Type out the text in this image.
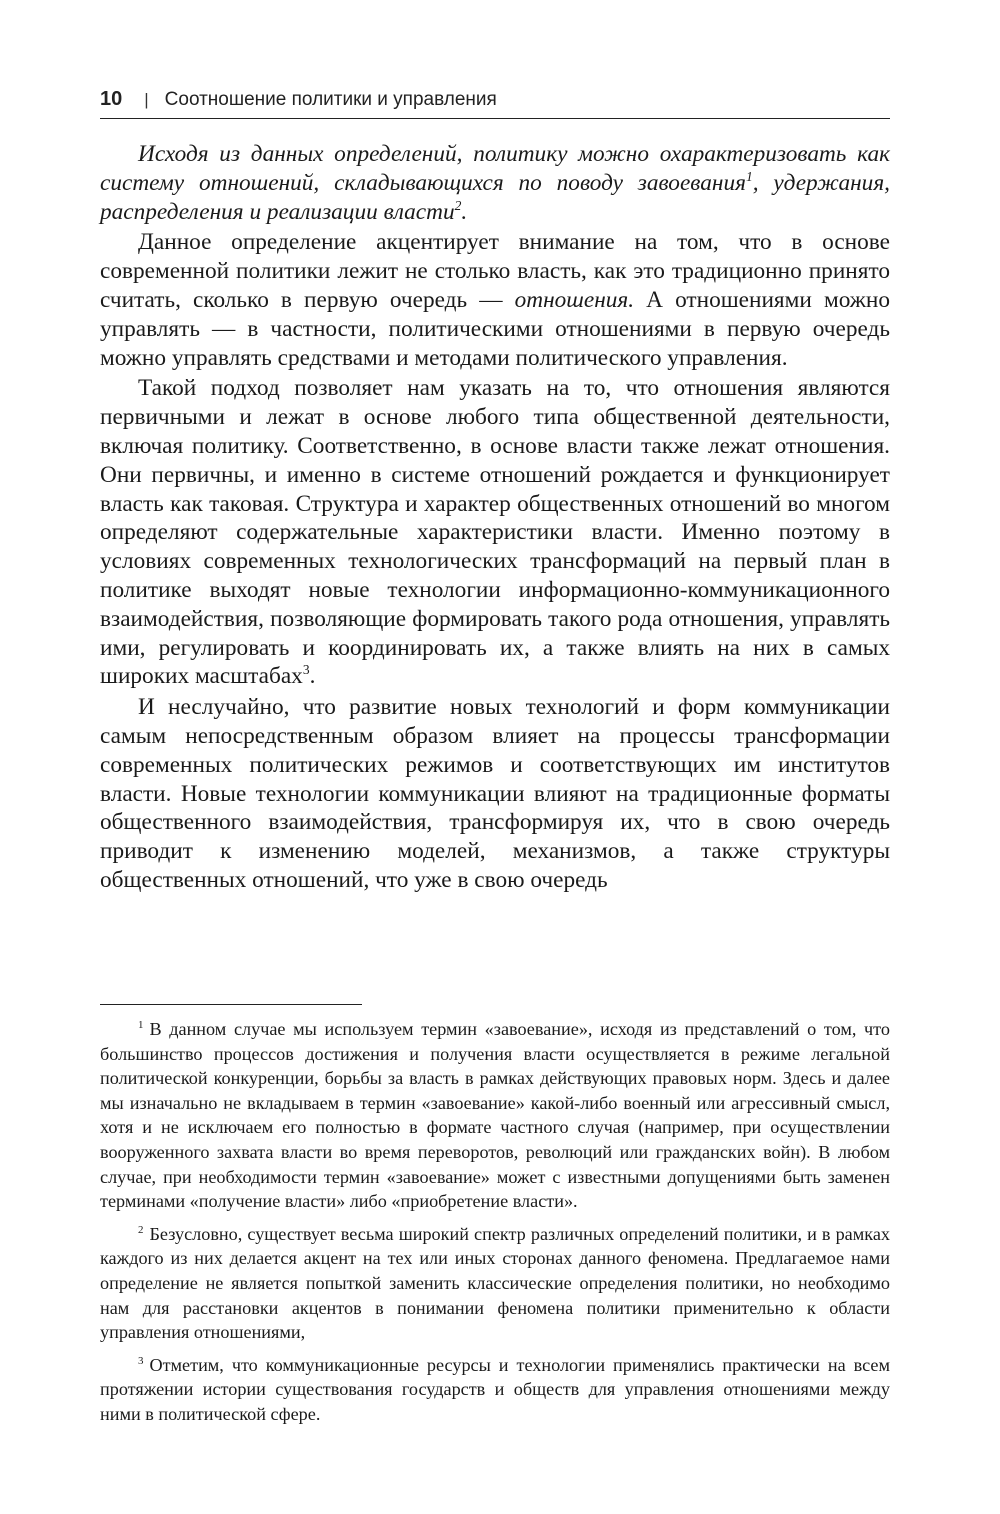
10 | Соотношение политики и управления

Исходя из данных определений, политику можно охарактеризовать как систему отношений, складывающихся по поводу завоевания$^1$, удержания, распределения и реализации власти$^2$.

Данное определение акцентирует внимание на том, что в основе современной политики лежит не столько власть, как это традиционно принято считать, сколько в первую очередь — отношения. А отношениями можно управлять — в частности, политическими отношениями в первую очередь можно управлять средствами и методами политического управления.

Такой подход позволяет нам указать на то, что отношения являются первичными и лежат в основе любого типа общественной деятельности, включая политику. Соответственно, в основе власти также лежат отношения. Они первичны, и именно в системе отношений рождается и функционирует власть как таковая. Структура и характер общественных отношений во многом определяют содержательные характеристики власти. Именно поэтому в условиях современных технологических трансформаций на первый план в политике выходят новые технологии информационно-коммуникационного взаимодействия, позволяющие формировать такого рода отношения, управлять ими, регулировать и координировать их, а также влиять на них в самых широких масштабах$^3$.

И неслучайно, что развитие новых технологий и форм коммуникации самым непосредственным образом влияет на процессы трансформации современных политических режимов и соответствующих им институтов власти. Новые технологии коммуникации влияют на традиционные форматы общественного взаимодействия, трансформируя их, что в свою очередь приводит к изменению моделей, механизмов, а также структуры общественных отношений, что уже в свою очередь

$^1$ В данном случае мы используем термин «завоевание», исходя из представлений о том, что большинство процессов достижения и получения власти осуществляется в режиме легальной политической конкуренции, борьбы за власть в рамках действующих правовых норм. Здесь и далее мы изначально не вкладываем в термин «завоевание» какой-либо военный или агрессивный смысл, хотя и не исключаем его полностью в формате частного случая (например, при осуществлении вооруженного захвата власти во время переворотов, революций или гражданских войн). В любом случае, при необходимости термин «завоевание» может с известными допущениями быть заменен терминами «получение власти» либо «приобретение власти».

$^2$ Безусловно, существует весьма широкий спектр различных определений политики, и в рамках каждого из них делается акцент на тех или иных сторонах данного феномена. Предлагаемое нами определение не является попыткой заменить классические определения политики, но необходимо нам для расстановки акцентов в понимании феномена политики применительно к области управления отношениями,

$^3$ Отметим, что коммуникационные ресурсы и технологии применялись практически на всем протяжении истории существования государств и обществ для управления отношениями между ними в политической сфере.
